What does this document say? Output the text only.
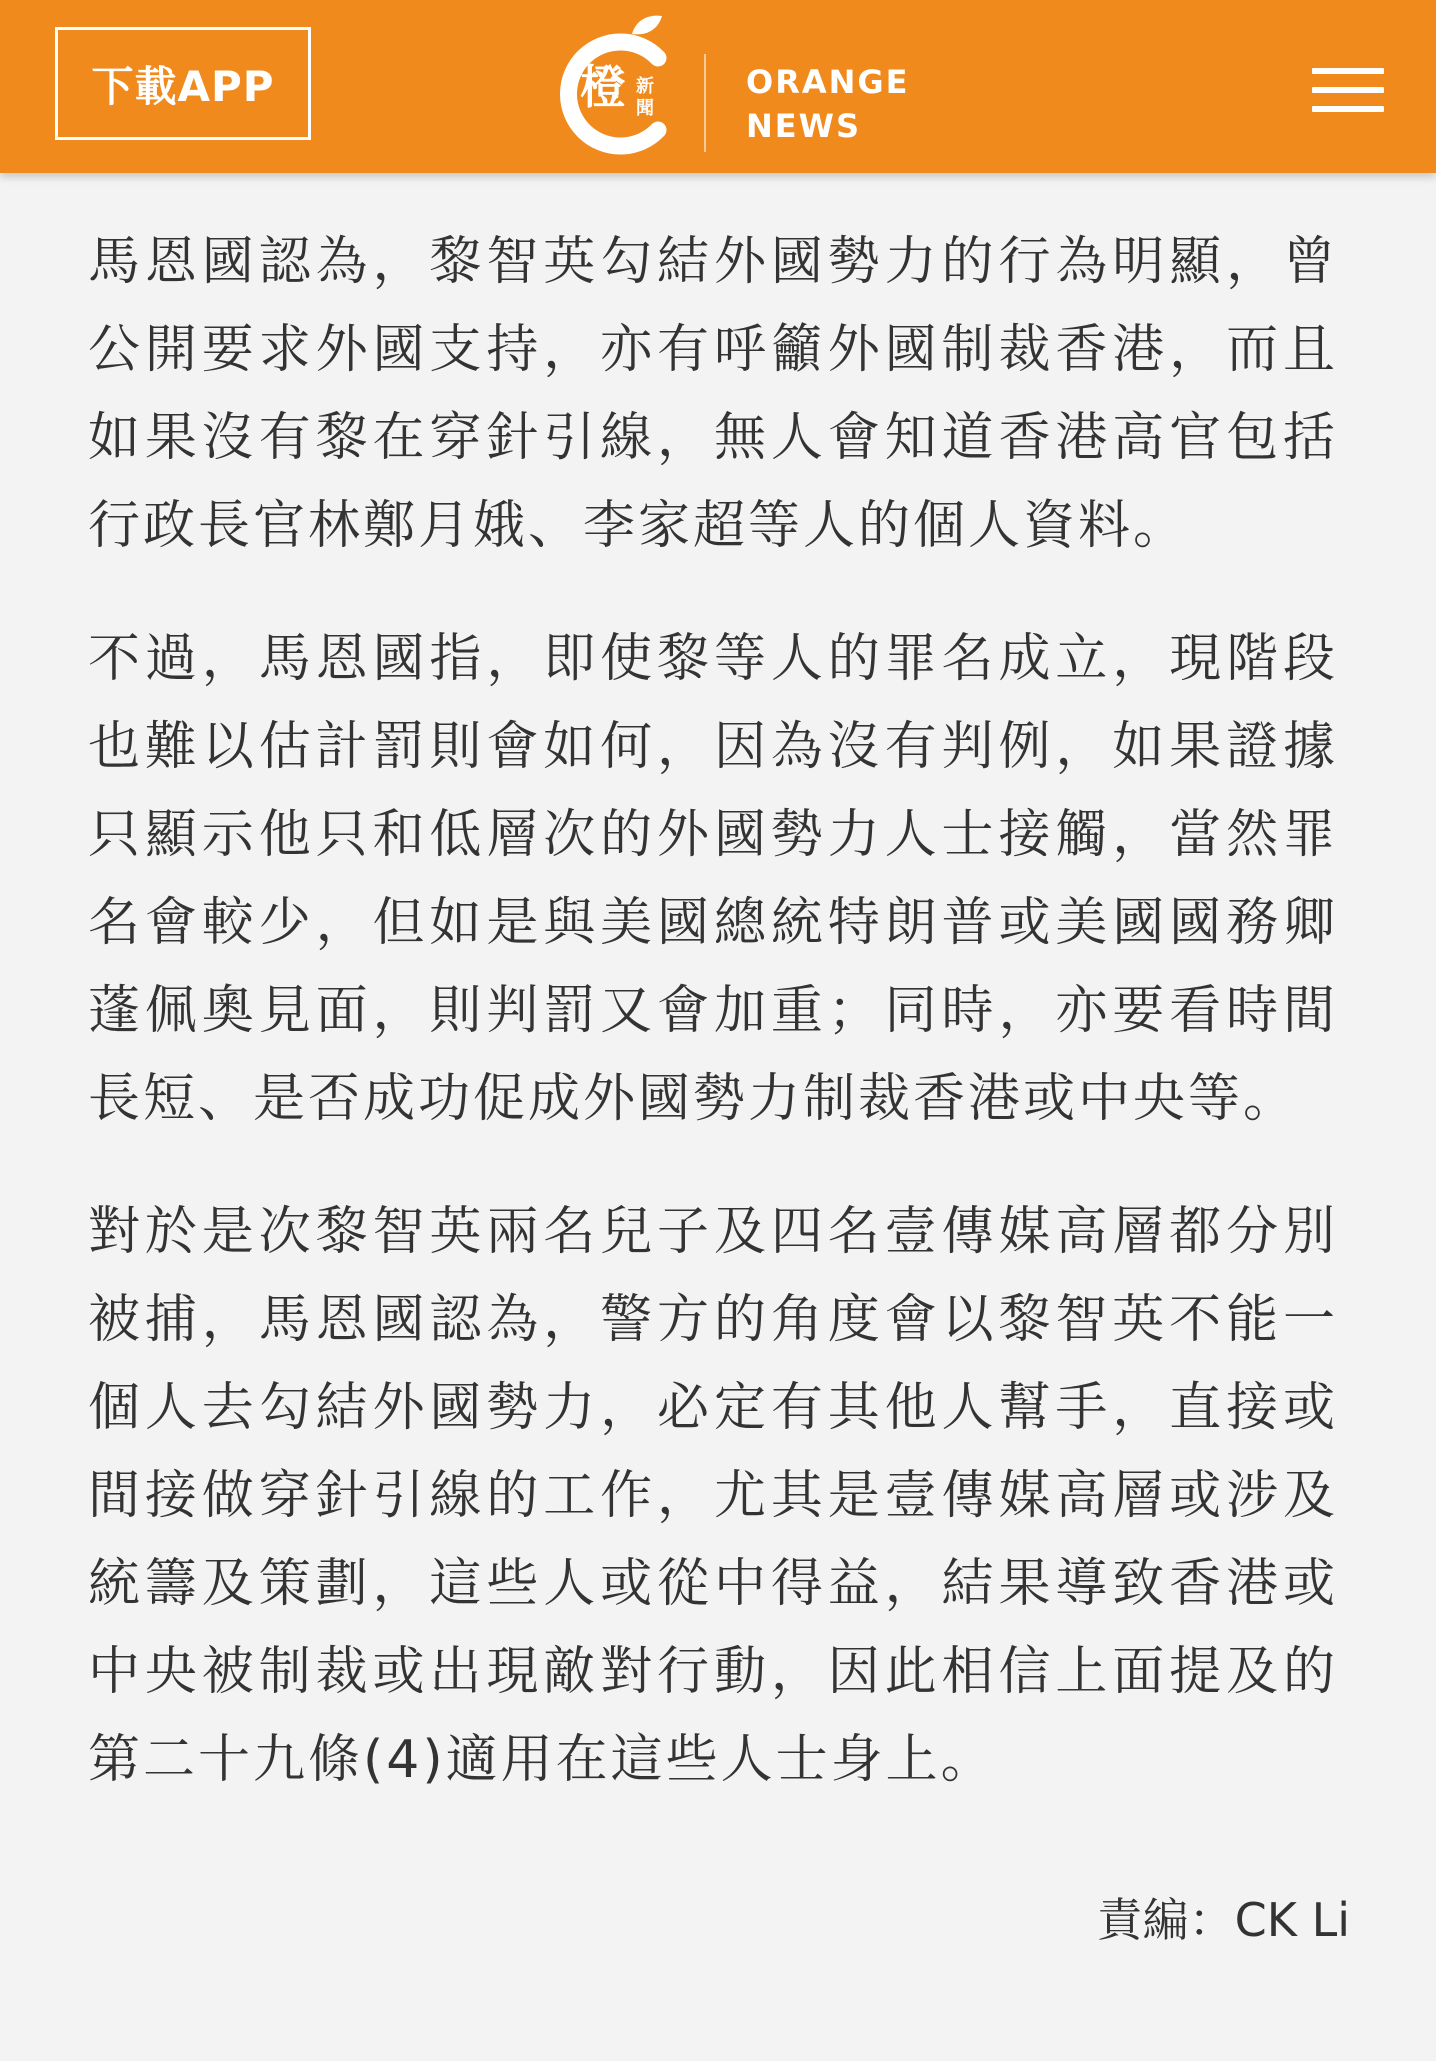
下載APP	橙 新聞
ORANGE
NEWS

馬恩國認為，黎智英勾結外國勢力的行為明顯，曾公開要求外國支持，亦有呼籲外國制裁香港，而且如果沒有黎在穿針引線，無人會知道香港高官包括行政長官林鄭月娥、李家超等人的個人資料。

不過，馬恩國指，即使黎等人的罪名成立，現階段也難以估計罰則會如何，因為沒有判例，如果證據只顯示他只和低層次的外國勢力人士接觸，當然罪名會較少，但如是與美國總統特朗普或美國國務卿蓬佩奧見面，則判罰又會加重；同時，亦要看時間長短、是否成功促成外國勢力制裁香港或中央等。

對於是次黎智英兩名兒子及四名壹傳媒高層都分別被捕，馬恩國認為，警方的角度會以黎智英不能一個人去勾結外國勢力，必定有其他人幫手，直接或間接做穿針引線的工作，尤其是壹傳媒高層或涉及統籌及策劃，這些人或從中得益，結果導致香港或中央被制裁或出現敵對行動，因此相信上面提及的第二十九條(4)適用在這些人士身上。

責編：CK Li
